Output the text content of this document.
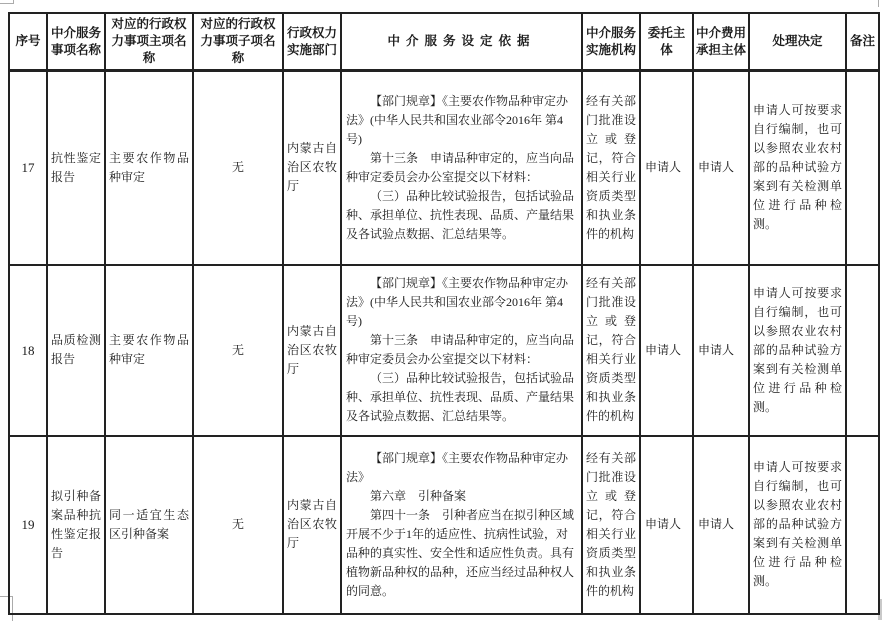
序号	中介服务事项名称	对应的行政权力事项主项名称	对应的行政权力事项子项名称	行政权力实施部门	中介服务设定依据	中介服务实施机构	委托主体	中介费用承担主体	处理决定	备注
17	抗性鉴定报告	主要农作物品种审定	无	内蒙古自治区农牧厅	【部门规章】《主要农作物品种审定办法》(中华人民共和国农业部令2016年 第4号)

第十三条　申请品种审定的，应当向品种审定委员会办公室提交以下材料：

（三）品种比较试验报告，包括试验品种、承担单位、抗性表现、品质、产量结果及各试验点数据、汇总结果等。	经有关部门批准设立或登记，符合相关行业资质类型和执业条件的机构	申请人	申请人	申请人可按要求自行编制，也可以参照农业农村部的品种试验方案到有关检测单位进行品种检测。	
18	品质检测报告	主要农作物品种审定	无	内蒙古自治区农牧厅	【部门规章】《主要农作物品种审定办法》(中华人民共和国农业部令2016年 第4号)

第十三条　申请品种审定的，应当向品种审定委员会办公室提交以下材料：

（三）品种比较试验报告，包括试验品种、承担单位、抗性表现、品质、产量结果及各试验点数据、汇总结果等。	经有关部门批准设立或登记，符合相关行业资质类型和执业条件的机构	申请人	申请人	申请人可按要求自行编制，也可以参照农业农村部的品种试验方案到有关检测单位进行品种检测。	
19	拟引种备案品种抗性鉴定报告	同一适宜生态区引种备案	无	内蒙古自治区农牧厅	【部门规章】《主要农作物品种审定办法》

第六章　引种备案

第四十一条　引种者应当在拟引种区域开展不少于1年的适应性、抗病性试验，对品种的真实性、安全性和适应性负责。具有植物新品种权的品种，还应当经过品种权人的同意。	经有关部门批准设立或登记，符合相关行业资质类型和执业条件的机构	申请人	申请人	申请人可按要求自行编制，也可以参照农业农村部的品种试验方案到有关检测单位进行品种检测。	
